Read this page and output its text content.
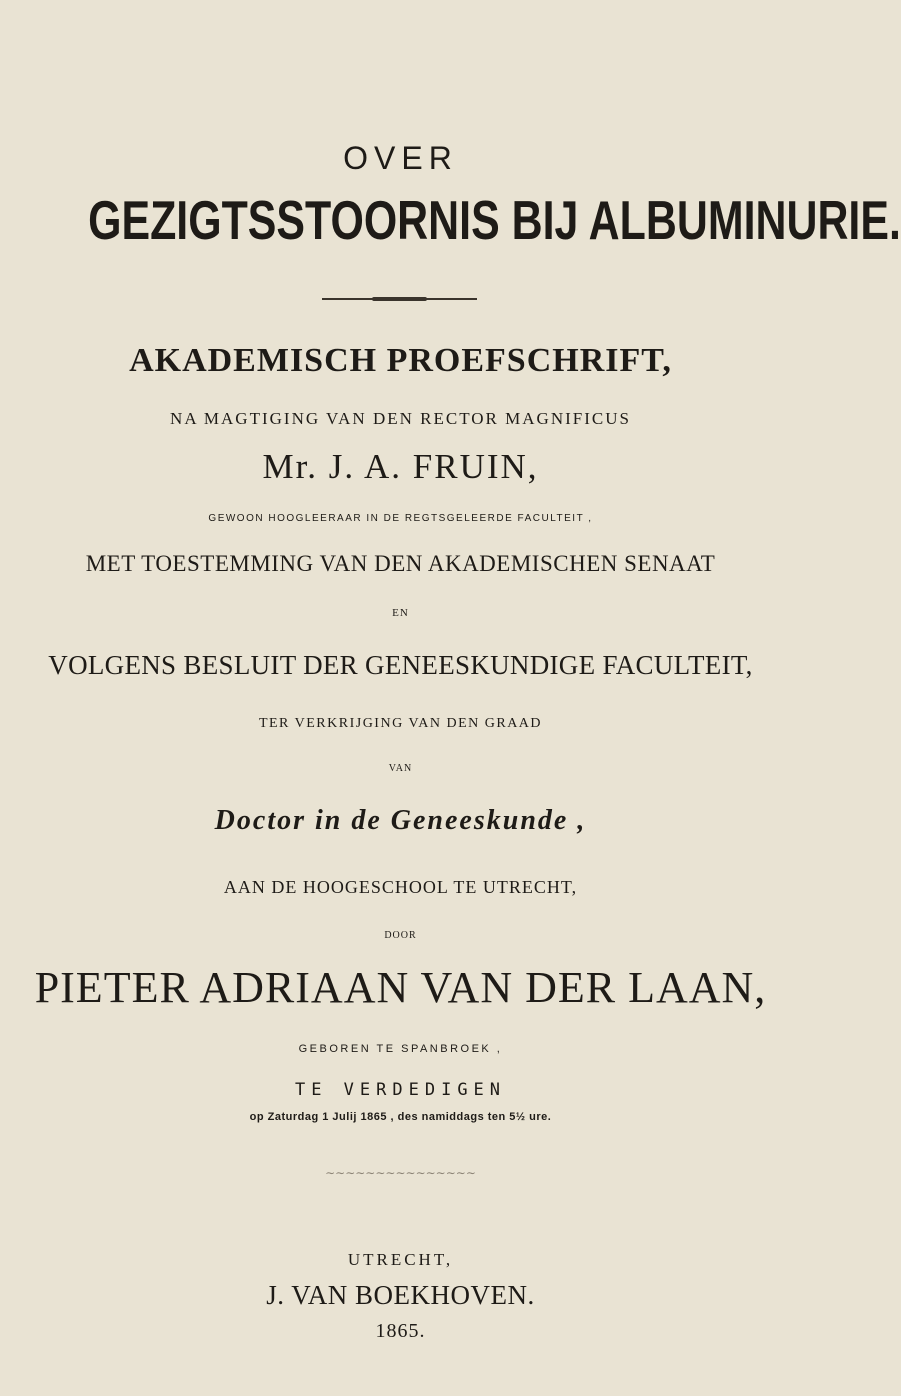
OVER
GEZIGTSSTOORNIS BIJ ALBUMINURIE.
AKADEMISCH PROEFSCHRIFT,
NA MAGTIGING VAN DEN RECTOR MAGNIFICUS
Mr. J. A. FRUIN,
GEWOON HOOGLEERAAR IN DE REGTSGELEERDE FACULTEIT ,
MET TOESTEMMING VAN DEN AKADEMISCHEN SENAAT
EN
VOLGENS BESLUIT DER GENEESKUNDIGE FACULTEIT,
TER VERKRIJGING VAN DEN GRAAD
VAN
Doctor in de Geneeskunde ,
AAN DE HOOGESCHOOL TE UTRECHT,
DOOR
PIETER ADRIAAN VAN DER LAAN,
GEBOREN TE SPANBROEK ,
TE VERDEDIGEN
op Zaturdag 1 Julij 1865 , des namiddags ten 5½ ure.
∼∼∼∼∼∼∼∼∼∼∼∼∼∼∼
UTRECHT,
J. VAN BOEKHOVEN.
1865.
